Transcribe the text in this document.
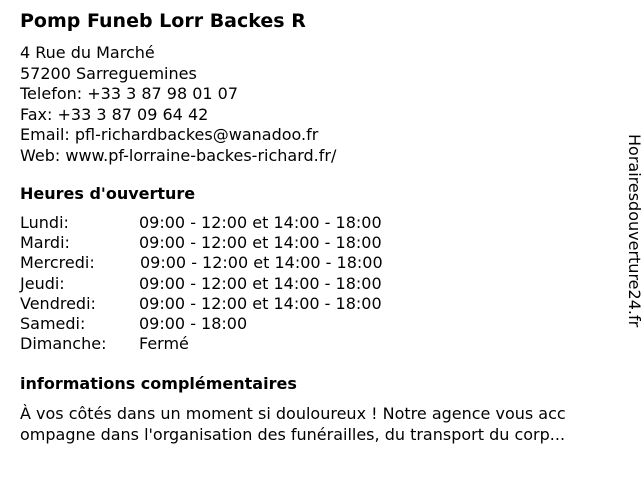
Pomp Funeb Lorr Backes R
4 Rue du Marché
57200 Sarreguemines
Telefon: +33 3 87 98 01 07
Fax: +33 3 87 09 64 42
Email: pfl-richardbackes@wanadoo.fr
Web: www.pf-lorraine-backes-richard.fr/
Heures d'ouverture
Lundi:	09:00 - 12:00 et 14:00 - 18:00
Mardi:	09:00 - 12:00 et 14:00 - 18:00
Mercredi:	09:00 - 12:00 et 14:00 - 18:00
Jeudi:	09:00 - 12:00 et 14:00 - 18:00
Vendredi:	09:00 - 12:00 et 14:00 - 18:00
Samedi:	09:00 - 18:00
Dimanche: Fermé
informations complémentaires
À vos côtés dans un moment si douloureux ! Notre agence vous acc
ompagne dans l'organisation des funérailles, du transport du corp...
Horairesdouverture24.fr
